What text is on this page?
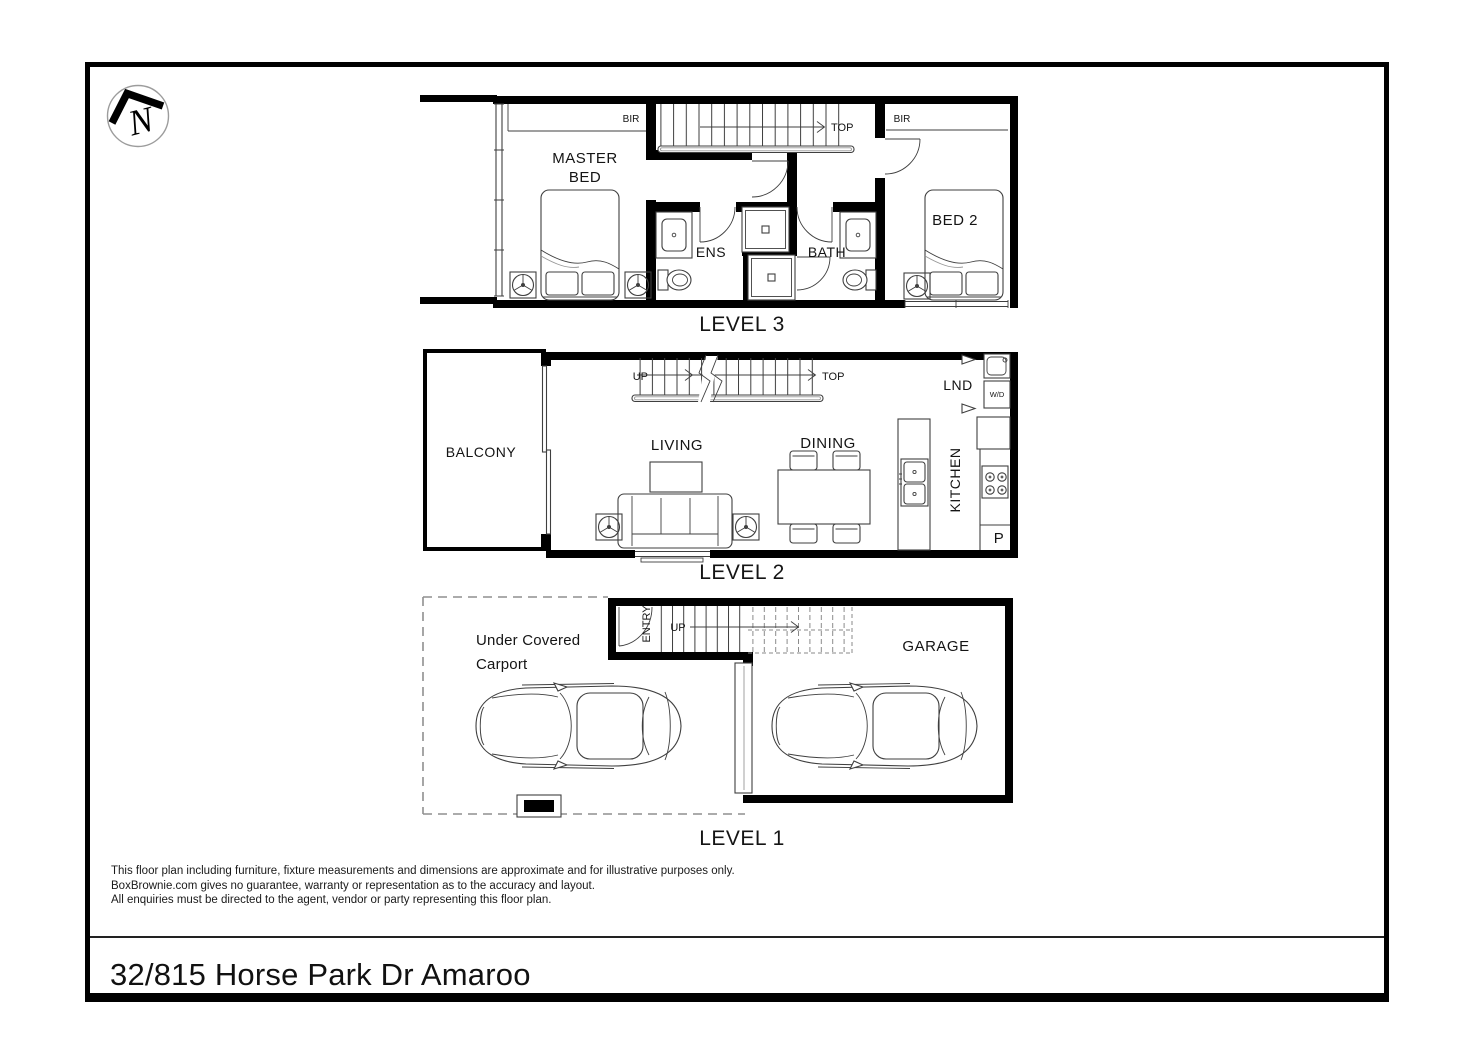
N	BIR	BIR
TOP
MASTER
BED
ENS	BATH
BED 2
LEVEL 3
W/D
UP	TOP
BALCONY	LIVING	DINING
KITCHEN
LND
P
LEVEL 2
ENTRY UP
Under Covered
Carport
GARAGE
LEVEL 1
This floor plan including furniture, fixture measurements and dimensions are approximate and for illustrative purposes only.
BoxBrownie.com gives no guarantee, warranty or representation as to the accuracy and layout.
All enquiries must be directed to the agent, vendor or party representing this floor plan.
32/815 Horse Park Dr Amaroo
